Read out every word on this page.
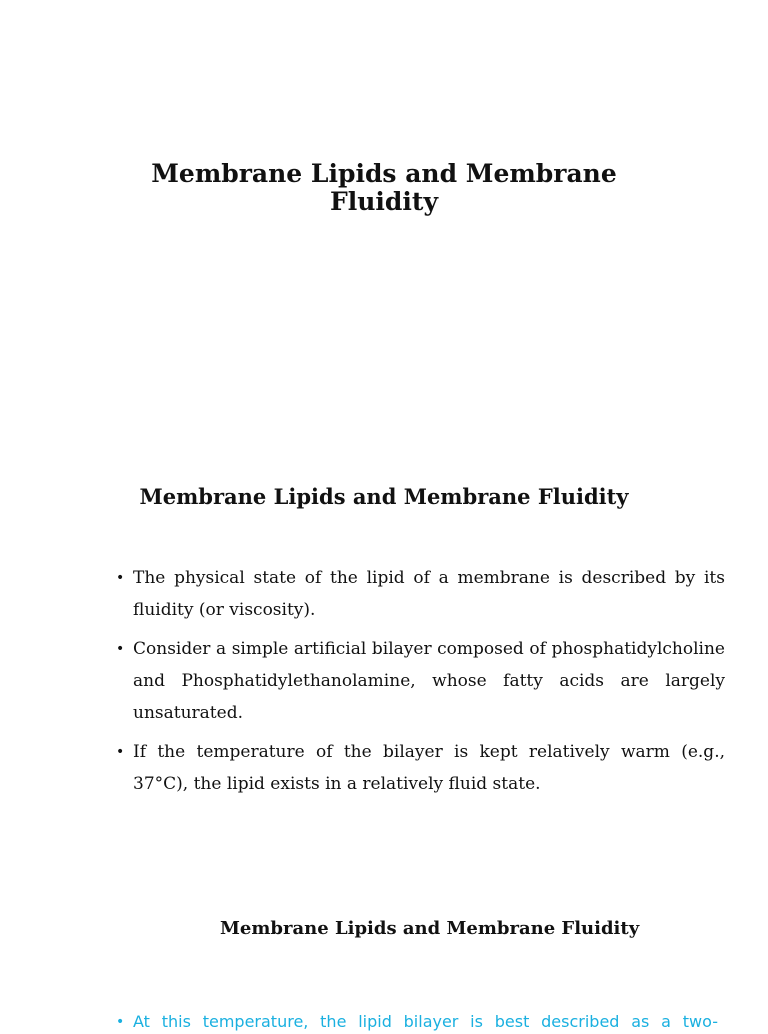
Membrane Lipids and Membrane
Fluidity
Membrane Lipids and Membrane Fluidity
• The physical state of the lipid of a membrane is described by its fluidity (or viscosity).
• Consider a simple artificial bilayer composed of phosphatidylcholine and Phosphatidylethanolamine, whose fatty acids are largely unsaturated.
• If the temperature of the bilayer is kept relatively warm (e.g., 37°C), the lipid exists in a relatively fluid state.
Membrane Lipids and Membrane Fluidity
• At this temperature, the lipid bilayer is best described as a two-
